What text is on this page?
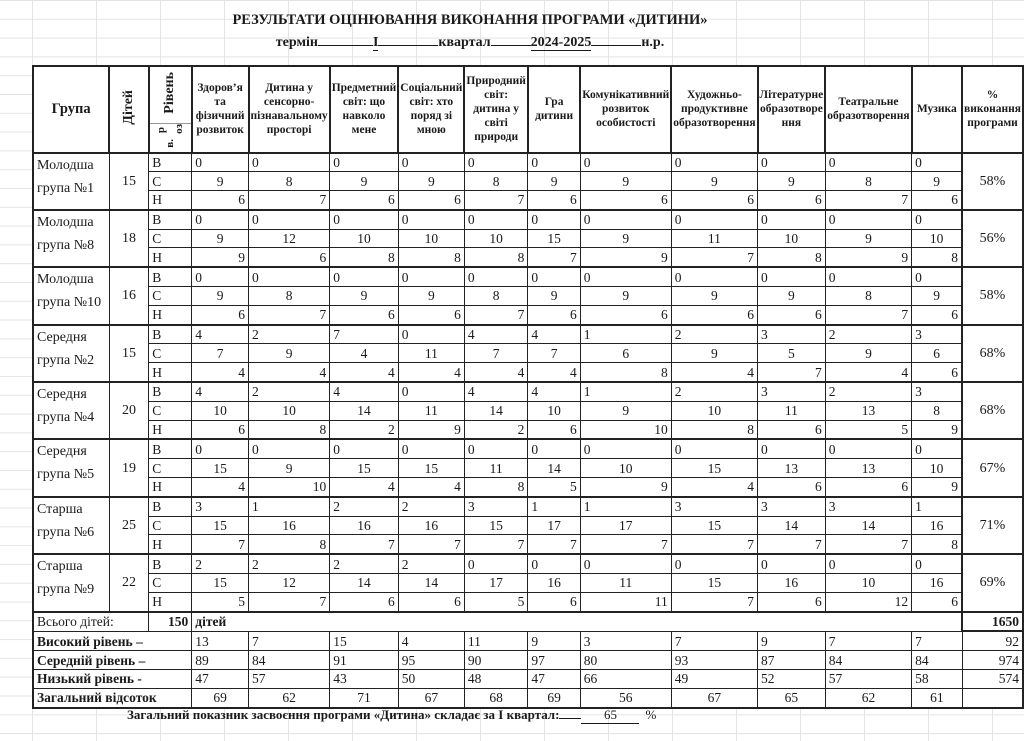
РЕЗУЛЬТАТИ ОЦІНЮВАННЯ ВИКОНАННЯ ПРОГРАМИ «ДИТИНИ»
термін	І	квартал	2024-2025	н.р.
Група	Дітей	Рівень	Здоров’я та фізичний розвиток	Дитина у сенсорно-пізнавальному просторі	Предметний світ: що навколо мене	Соціальний світ: хто поряд зі мною	Природний світ: дитина у світі природи	Гра дитини	Комунікативний розвиток особистості	Художньо-продуктивне образотворення	Літературне образотворе ння	Театральне образотворення	Музика	% виконання програми
		р озв.												
Молодша група №1	15	В	0	0	0	0	0	0	0	0	0	0	0	58%
		С	9	8	9	9	8	9	9	9	9	8	9	
		Н	6	7	6	6	7	6	6	6	6	7	6	
Молодша група №8	18	В	0	0	0	0	0	0	0	0	0	0	0	56%
		С	9	12	10	10	10	15	9	11	10	9	10	
		Н	9	6	8	8	8	7	9	7	8	9	8	
Молодша група №10	16	В	0	0	0	0	0	0	0	0	0	0	0	58%
		С	9	8	9	9	8	9	9	9	9	8	9	
		Н	6	7	6	6	7	6	6	6	6	7	6	
Середня група №2	15	В	4	2	7	0	4	4	1	2	3	2	3	68%
		С	7	9	4	11	7	7	6	9	5	9	6	
		Н	4	4	4	4	4	4	8	4	7	4	6	
Середня група №4	20	В	4	2	4	0	4	4	1	2	3	2	3	68%
		С	10	10	14	11	14	10	9	10	11	13	8	
		Н	6	8	2	9	2	6	10	8	6	5	9	
Середня група №5	19	В	0	0	0	0	0	0	0	0	0	0	0	67%
		С	15	9	15	15	11	14	10	15	13	13	10	
		Н	4	10	4	4	8	5	9	4	6	6	9	
Старша група №6	25	В	3	1	2	2	3	1	1	3	3	3	1	71%
		С	15	16	16	16	15	17	17	15	14	14	16	
		Н	7	8	7	7	7	7	7	7	7	7	8	
Старша група №9	22	В	2	2	2	2	0	0	0	0	0	0	0	69%
		С	15	12	14	14	17	16	11	15	16	10	16	
		Н	5	7	6	6	5	6	11	7	6	12	6	
Всього дітей:		150	дітей											1650
Високий рівень –			13	7	15	4	11	9	3	7	9	7	7	92
Середній рівень –			89	84	91	95	90	97	80	93	87	84	84	974
Низький рівень -			47	57	43	50	48	47	66	49	52	57	58	574
Загальний відсоток			69	62	71	67	68	69	56	67	65	62	61	
Загальний показник засвоєння програми «Дитина» складає за І квартал:	65 %
